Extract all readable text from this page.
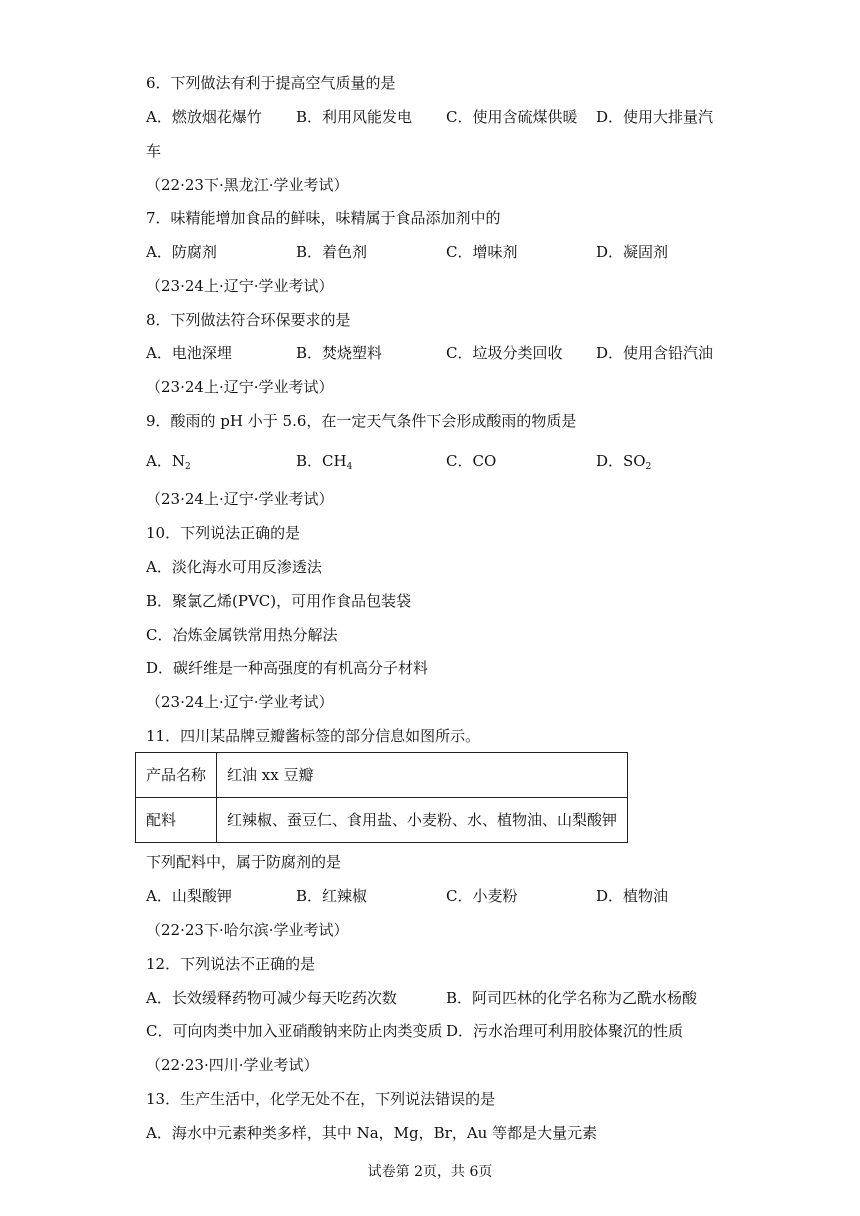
6．下列做法有利于提高空气质量的是
A．燃放烟花爆竹 B．利用风能发电 C．使用含硫煤供暖 D．使用大排量汽
车
（22·23下·黑龙江·学业考试）
7．味精能增加食品的鲜味，味精属于食品添加剂中的
A．防腐剂	B．着色剂	C．增味剂	D．凝固剂
（23·24上·辽宁·学业考试）
8．下列做法符合环保要求的是
A．电池深埋	B．焚烧塑料	C．垃圾分类回收 D．使用含铅汽油
（23·24上·辽宁·学业考试）
9．酸雨的 pH 小于 5.6，在一定天气条件下会形成酸雨的物质是
A．$N_2$	B．$CH_4$	C．CO	D．$SO_2$
（23·24上·辽宁·学业考试）
10．下列说法正确的是
A．淡化海水可用反渗透法
B．聚氯乙烯(PVC)，可用作食品包装袋
C．冶炼金属铁常用热分解法
D．碳纤维是一种高强度的有机高分子材料
（23·24上·辽宁·学业考试）
11．四川某品牌豆瓣酱标签的部分信息如图所示。
产品名称	红油 xx 豆瓣
配料	红辣椒、蚕豆仁、食用盐、小麦粉、水、植物油、山梨酸钾
下列配料中，属于防腐剂的是
A．山梨酸钾	B．红辣椒	C．小麦粉	D．植物油
（22·23下·哈尔滨·学业考试）
12．下列说法不正确的是
A．长效缓释药物可减少每天吃药次数	B．阿司匹林的化学名称为乙酰水杨酸
C．可向肉类中加入亚硝酸钠来防止肉类变质 D．污水治理可利用胶体聚沉的性质
（22·23·四川·学业考试）
13．生产生活中，化学无处不在，下列说法错误的是
A．海水中元素种类多样，其中 Na，Mg，Br，Au 等都是大量元素
试卷第 2页，共 6页
